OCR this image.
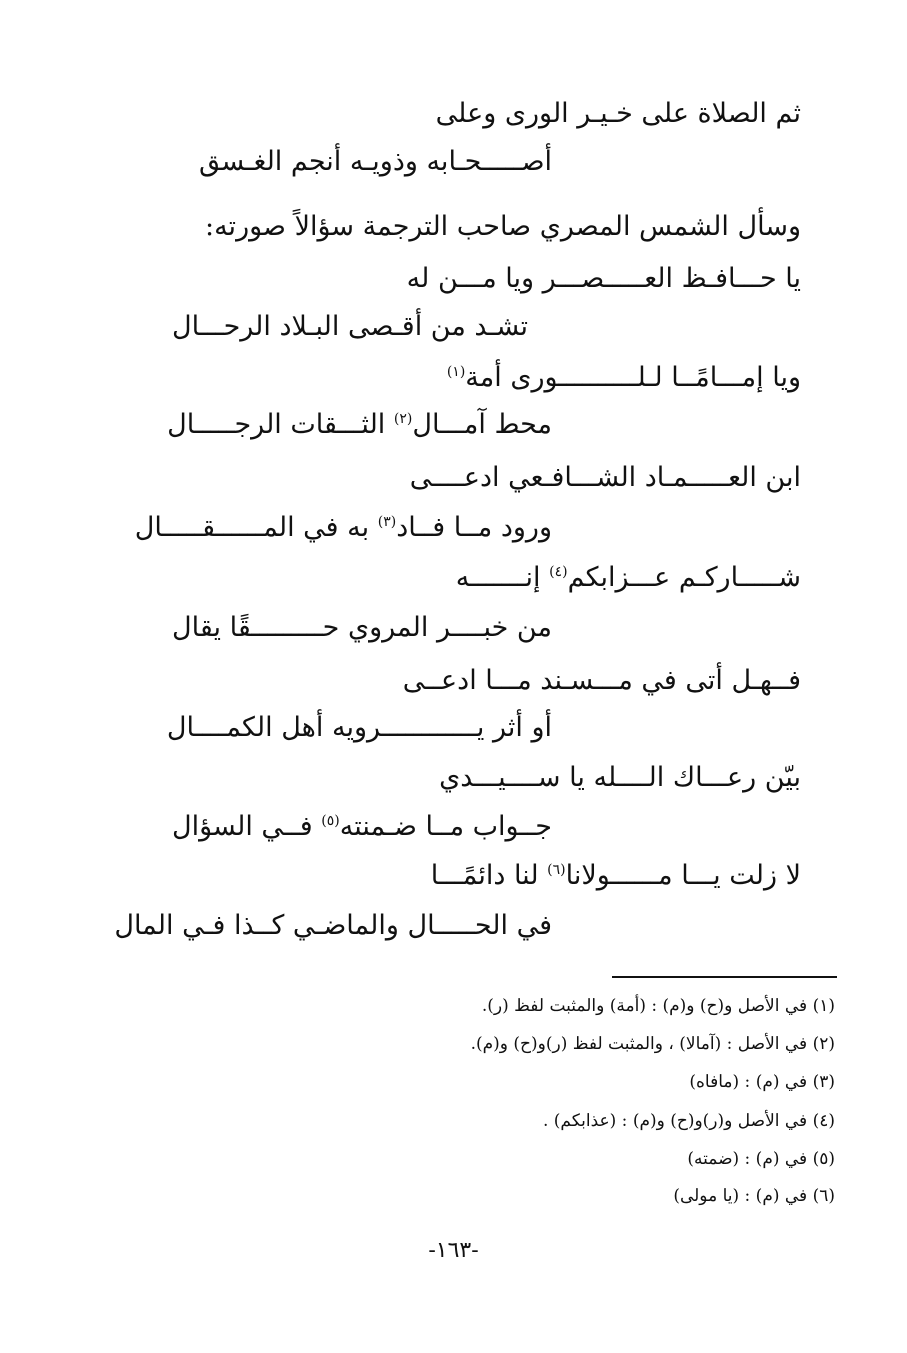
ثم الصلاة على خـيـر الورى وعلى
أصـــــحـابه وذويـه أنجم الغـسق
وسأل الشمس المصري صاحب الترجمة سؤالاً صورته:
يا حـــافـظ العـــــصـــر ويا مـــن له
تشـد من أقـصى البـلاد الرحـــال
ويا إمـــامًــا لـلــــــــــورى أمة$^{(١)}$
محط آمـــال$^{(٢)}$ الثـــقات الرجـــــال
ابن العـــــمـاد الشـــافـعي ادعــــى
ورود مــا فــاد$^{(٣)}$ به في المــــــقـــــال
شـــــاركـم عـــزابكم$^{(٤)}$ إنـــــــه
من خبــــر المروي حـــــــــقًا يقال
فــهـل أتى في مـــسـند مـــا ادعــى
أو أثر يــــــــــــرويه أهل الكمــــال
بيّن رعـــاك الــــله يا ســــيـــدي
جــواب مــا ضـمنته$^{(٥)}$ فــي السؤال
لا زلت يـــا مــــــولانا$^{(٦)}$ لنا دائمًـــا
في الحـــــال والماضـي كــذا فـي المال
(١) في الأصل و(ح) و(م) : (أمة) والمثبت لفظ (ر).
(٢) في الأصل : (آمالا) ، والمثبت لفظ (ر)و(ح) و(م).
(٣) في (م) : (مافاه)
(٤) في الأصل و(ر)و(ح) و(م) : (عذابكم) .
(٥) في (م) : (ضمته)
(٦) في (م) : (يا مولى)
-١٦٣-
